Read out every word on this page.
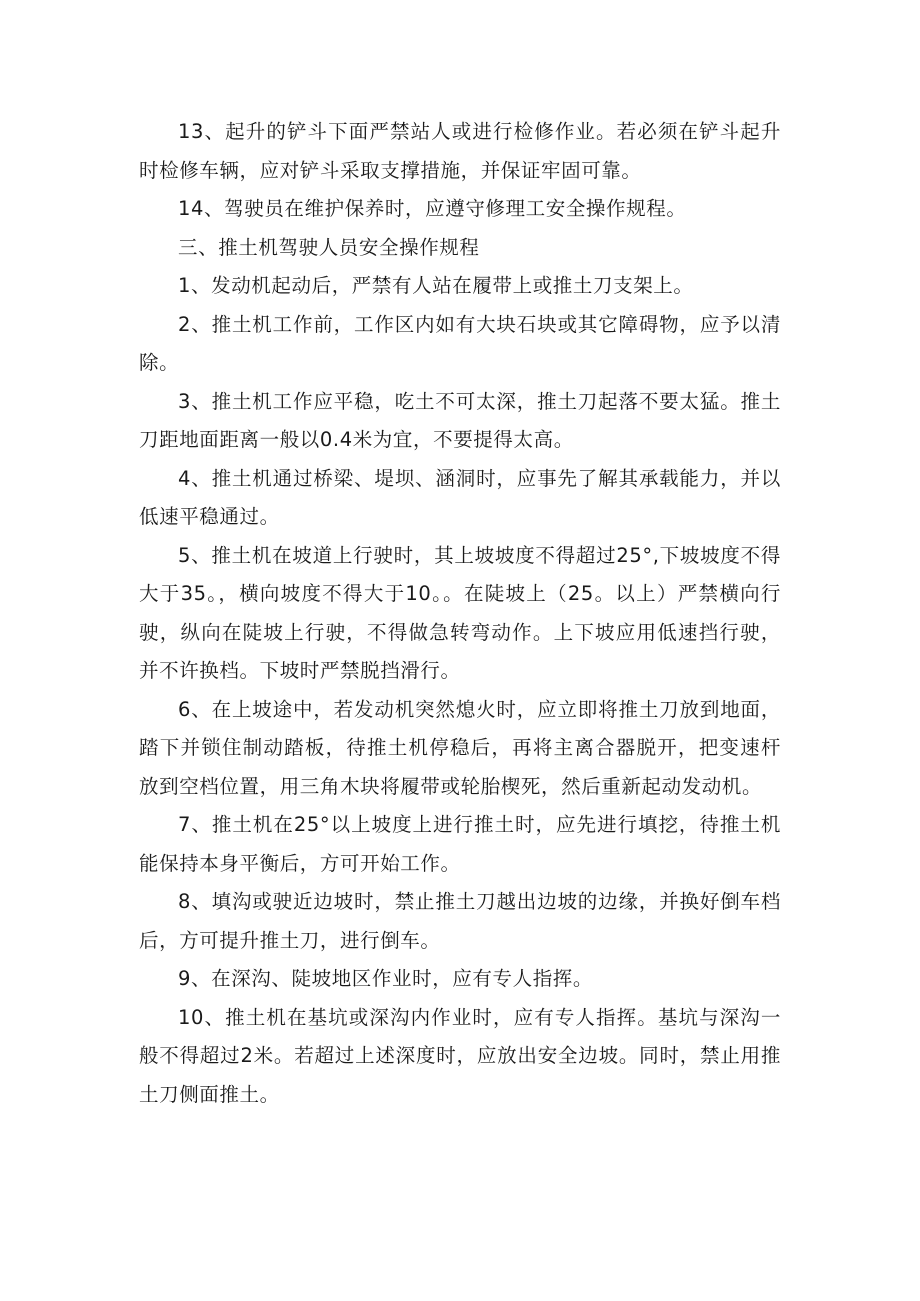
13、起升的铲斗下面严禁站人或进行检修作业。若必须在铲斗起升时检修车辆，应对铲斗采取支撑措施，并保证牢固可靠。

14、驾驶员在维护保养时，应遵守修理工安全操作规程。

三、推土机驾驶人员安全操作规程

1、发动机起动后，严禁有人站在履带上或推土刀支架上。

2、推土机工作前，工作区内如有大块石块或其它障碍物，应予以清除。

3、推土机工作应平稳，吃土不可太深，推土刀起落不要太猛。推土刀距地面距离一般以0.4米为宜，不要提得太高。

4、推土机通过桥梁、堤坝、涵洞时，应事先了解其承载能力，并以低速平稳通过。

5、推土机在坡道上行驶时，其上坡坡度不得超过25°,下坡坡度不得大于35。，横向坡度不得大于10。。在陡坡上（25。以上）严禁横向行驶，纵向在陡坡上行驶，不得做急转弯动作。上下坡应用低速挡行驶，并不许换档。下坡时严禁脱挡滑行。

6、在上坡途中，若发动机突然熄火时，应立即将推土刀放到地面，踏下并锁住制动踏板，待推土机停稳后，再将主离合器脱开，把变速杆放到空档位置，用三角木块将履带或轮胎楔死，然后重新起动发动机。

7、推土机在25°以上坡度上进行推土时，应先进行填挖，待推土机能保持本身平衡后，方可开始工作。

8、填沟或驶近边坡时，禁止推土刀越出边坡的边缘，并换好倒车档后，方可提升推土刀，进行倒车。

9、在深沟、陡坡地区作业时，应有专人指挥。

10、推土机在基坑或深沟内作业时，应有专人指挥。基坑与深沟一般不得超过2米。若超过上述深度时，应放出安全边坡。同时，禁止用推土刀侧面推土。
